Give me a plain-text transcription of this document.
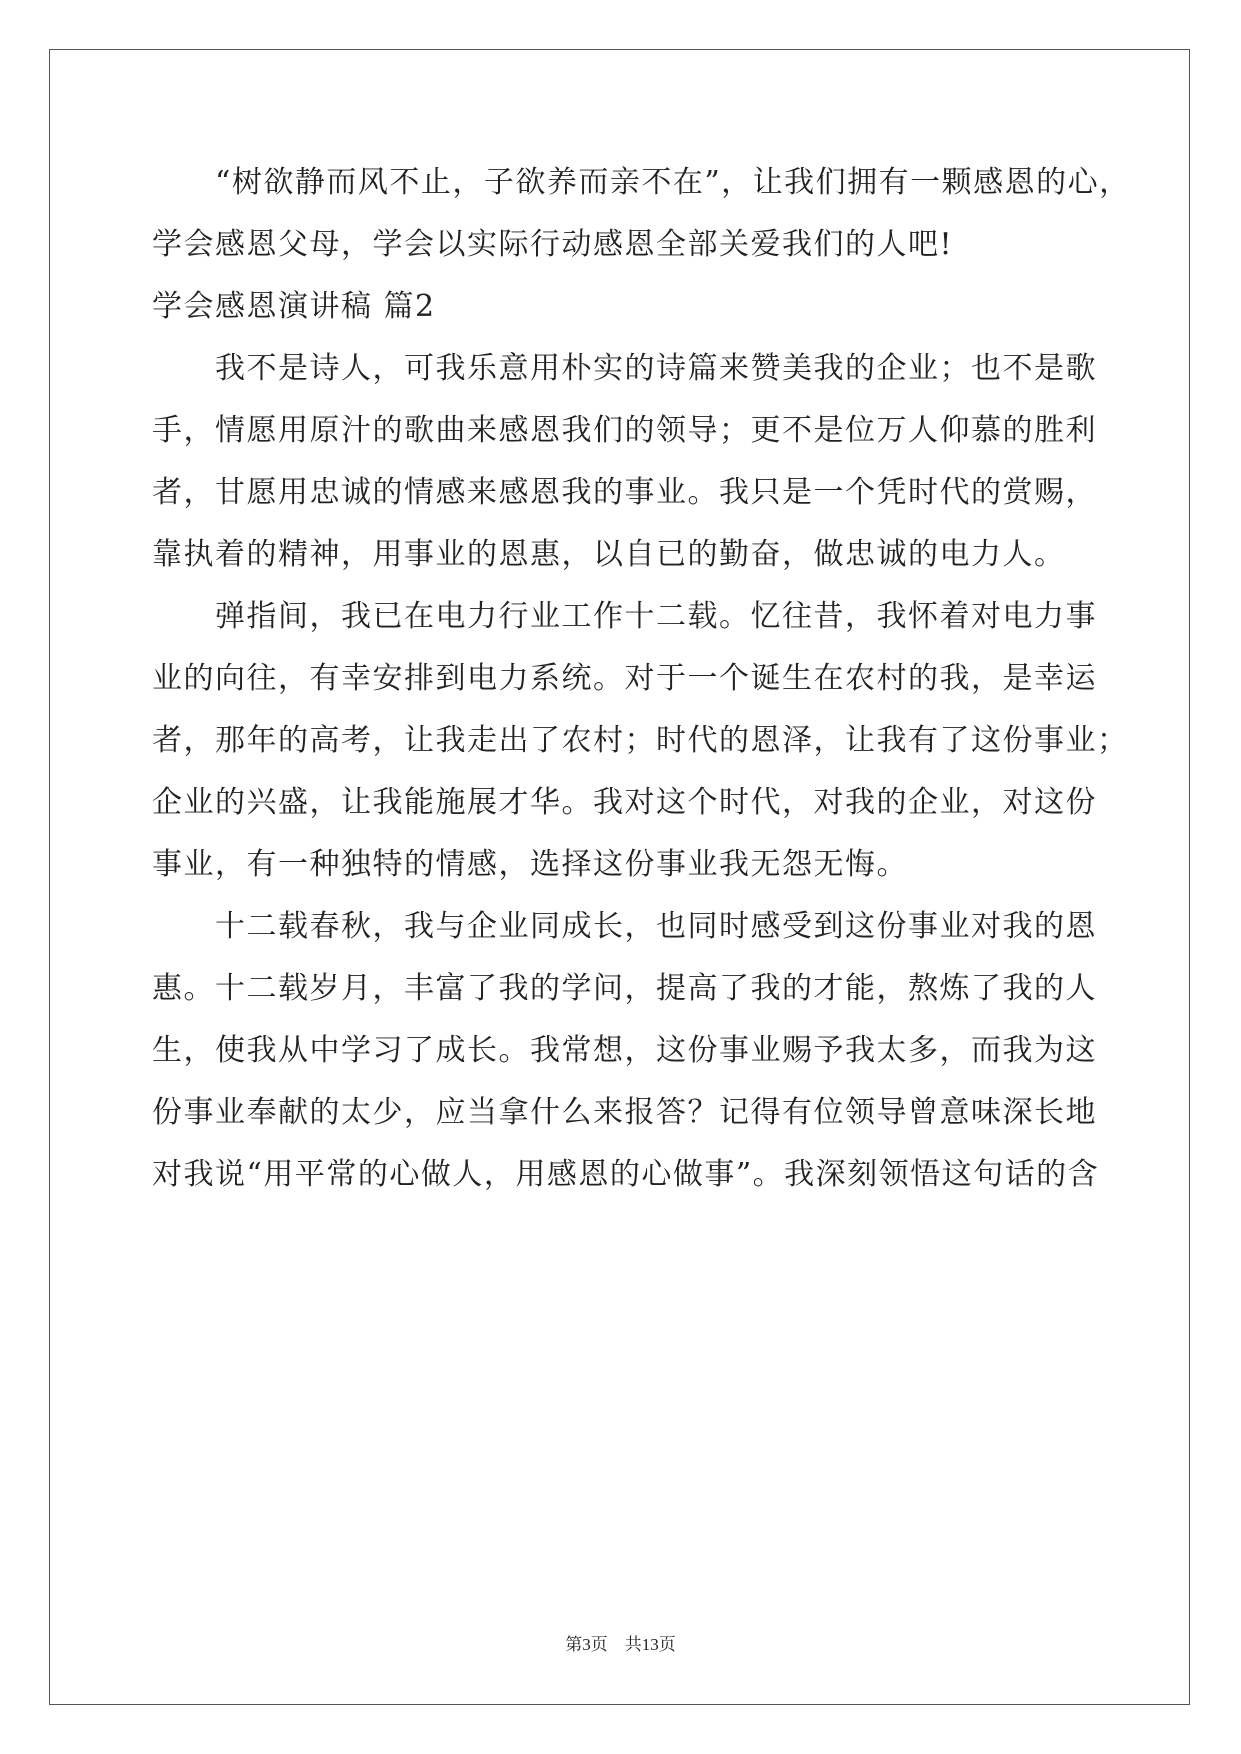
　　“树欲静而风不止，子欲养而亲不在”，让我们拥有一颗感恩的心，
学会感恩父母，学会以实际行动感恩全部关爱我们的人吧!
学会感恩演讲稿 篇2
　　我不是诗人，可我乐意用朴实的诗篇来赞美我的企业；也不是歌
手，情愿用原汁的歌曲来感恩我们的领导；更不是位万人仰慕的胜利
者，甘愿用忠诚的情感来感恩我的事业。我只是一个凭时代的赏赐，
靠执着的精神，用事业的恩惠，以自已的勤奋，做忠诚的电力人。
　　弹指间，我已在电力行业工作十二载。忆往昔，我怀着对电力事
业的向往，有幸安排到电力系统。对于一个诞生在农村的我，是幸运
者，那年的高考，让我走出了农村；时代的恩泽，让我有了这份事业；
企业的兴盛，让我能施展才华。我对这个时代，对我的企业，对这份
事业，有一种独特的情感，选择这份事业我无怨无悔。
　　十二载春秋，我与企业同成长，也同时感受到这份事业对我的恩
惠。十二载岁月，丰富了我的学问，提高了我的才能，熬炼了我的人
生，使我从中学习了成长。我常想，这份事业赐予我太多，而我为这
份事业奉献的太少，应当拿什么来报答？记得有位领导曾意味深长地
对我说“用平常的心做人，用感恩的心做事”。我深刻领悟这句话的含
第3页　共13页
